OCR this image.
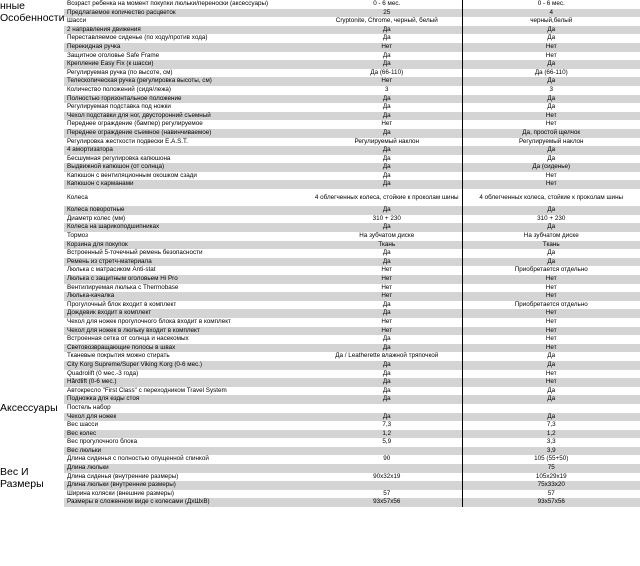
нные
Особенности
Аксессуары
Вес И
Размеры
Возраст ребенка на момент покупки люльки/переноски (аксессуары)	0 - 6 мес.	0 - 6 мес.
Предлагаемое количество расцветок	25	4
Шасси	Cryptonite, Chrome, черный, белый	черный,белый
2 направления движения	Да	Да
Переставляемое сиденье (по ходу/против хода)	Да	Да
Перекидная ручка	Нет	Нет
Защитное оголовье Safe Frame	Да	Нет
Крепление Easy Fix (к шасси)	Да	Да
Регулируемая ручка (по высоте, см)	Да (66-110)	Да (66-110)
Телескопическая ручка (регулировка высоты, см)	Нет	Да
Количество положений (сидя/лежа)	3	3
Полностью горизонтальное положение	Да	Да
Регулируемая подставка под ножки	Да	Да
Чехол подставки для ног, двусторонний съемный	Да	Нет
Переднее ограждение (бампер) регулируемое	Нет	Нет
Переднее ограждение съемное (навинчиваемое)	Да	Да, простой щелчок
Регулировка жесткости подвески E.A.S.T.	Регулируемый наклон	Регулируемый наклон
4 амортизатора	Да	Да
Бесшумная регулировка капюшона	Да	Да
Выдвижной капюшон (от солнца)	Да	Да (сиденье)
Капюшон с вентиляционным окошком сзади	Да	Нет
Капюшон с карманами	Да	Нет
Колеса	4 облегченных колеса, стойкие к проколам шины	4 облегченных колеса, стойкие к проколам шины
Колеса поворотные	Да	Да
Диаметр колес (мм)	310 + 230	310 + 230
Колеса на шарикоподшипниках	Да	Да
Тормоз	На зубчатом диске	На зубчатом диске
Корзина для покупок	Ткань	Ткань
Встроенный 5-точечный ремень безопасности	Да	Да
Ремень из стретч-материала	Да	Да
Люлька с матрасиком Anti-stat	Нет	Приобретается отдельно
Люлька с защитным оголовьем Hi Pro	Нет	Нет
Вентилируемая люлька с Thermobase	Нет	Нет
Люлька-качалка	Нет	Нет
Прогулочный блок входит в комплект	Да	Приобретается отдельно
Дождевик входит в комплект	Да	Нет
Чехол для ножек прогулочного блока входит в комплект	Нет	Нет
Чехол для ножек в люльку входит в комплект	Нет	Нет
Встроенная сетка от солнца и насекомых	Да	Нет
Световозвращающие полосы в швах	Да	Нет
Тканевые покрытия можно стирать	Да / Leatherette влажной тряпочкой	Да
City Korg Supreme/Super Viking Korg (0-6 мес.)	Да	Да
Quadrolift (0 мес.-3 года)	Да	Нет
Hårdlift (0-6 мес.)	Да	Нет
Автокресло "First Class" с переходником Travel System	Да	Да
Подножка для езды стоя	Да	Да
Постель набор		
Чехол для ножек	Да	Да
Вес шасси	7,3	7,3
Вес колес	1,2	1,2
Вес прогулочного блока	5,9	3,3
Вес люльки		3,9
Длина сиденья с полностью опущенной спинкой	90	105 (55+50)
Длина люльки		75
Длина сиденья (внутренние размеры)	90х32х19	105х29х19
Длина люльки (внутренние размеры)		75х33х20
Ширина коляски (внешние размеры)	57	57
Размеры в сложенном виде с колесами (ДхШхВ)	93х57х56	93х57х56
